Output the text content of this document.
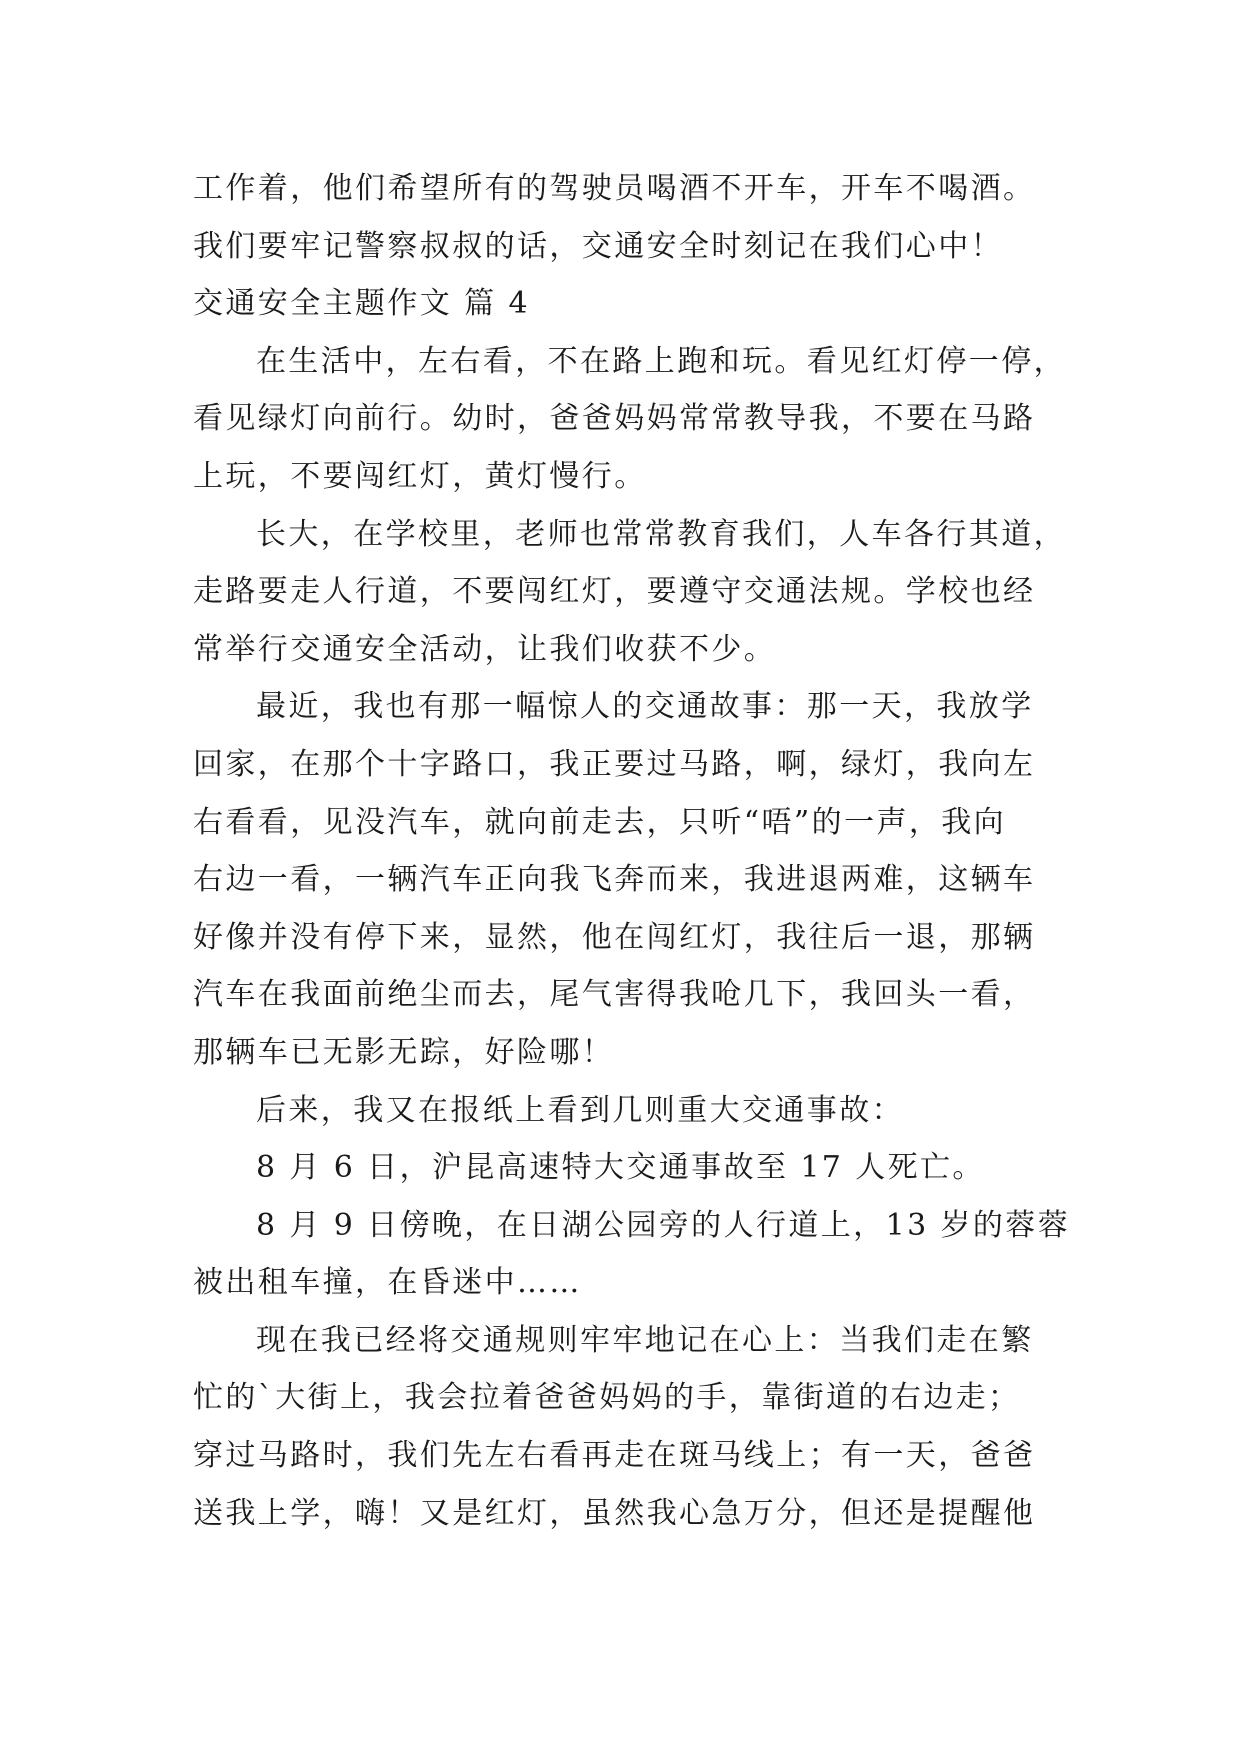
工作着，他们希望所有的驾驶员喝酒不开车，开车不喝酒。
我们要牢记警察叔叔的话，交通安全时刻记在我们心中！
交通安全主题作文 篇 4
在生活中，左右看，不在路上跑和玩。看见红灯停一停，
看见绿灯向前行。幼时，爸爸妈妈常常教导我，不要在马路
上玩，不要闯红灯，黄灯慢行。
长大，在学校里，老师也常常教育我们，人车各行其道，
走路要走人行道，不要闯红灯，要遵守交通法规。学校也经
常举行交通安全活动，让我们收获不少。
最近，我也有那一幅惊人的交通故事：那一天，我放学
回家，在那个十字路口，我正要过马路，啊，绿灯，我向左
右看看，见没汽车，就向前走去，只听“唔”的一声，我向
右边一看，一辆汽车正向我飞奔而来，我进退两难，这辆车
好像并没有停下来，显然，他在闯红灯，我往后一退，那辆
汽车在我面前绝尘而去，尾气害得我呛几下，我回头一看，
那辆车已无影无踪，好险哪！
后来，我又在报纸上看到几则重大交通事故：
8 月 6 日，沪昆高速特大交通事故至 17 人死亡。
8 月 9 日傍晚，在日湖公园旁的人行道上，13 岁的蓉蓉
被出租车撞，在昏迷中……
现在我已经将交通规则牢牢地记在心上：当我们走在繁
忙的`大街上，我会拉着爸爸妈妈的手，靠街道的右边走；
穿过马路时，我们先左右看再走在斑马线上；有一天，爸爸
送我上学，嗨！又是红灯，虽然我心急万分，但还是提醒他
